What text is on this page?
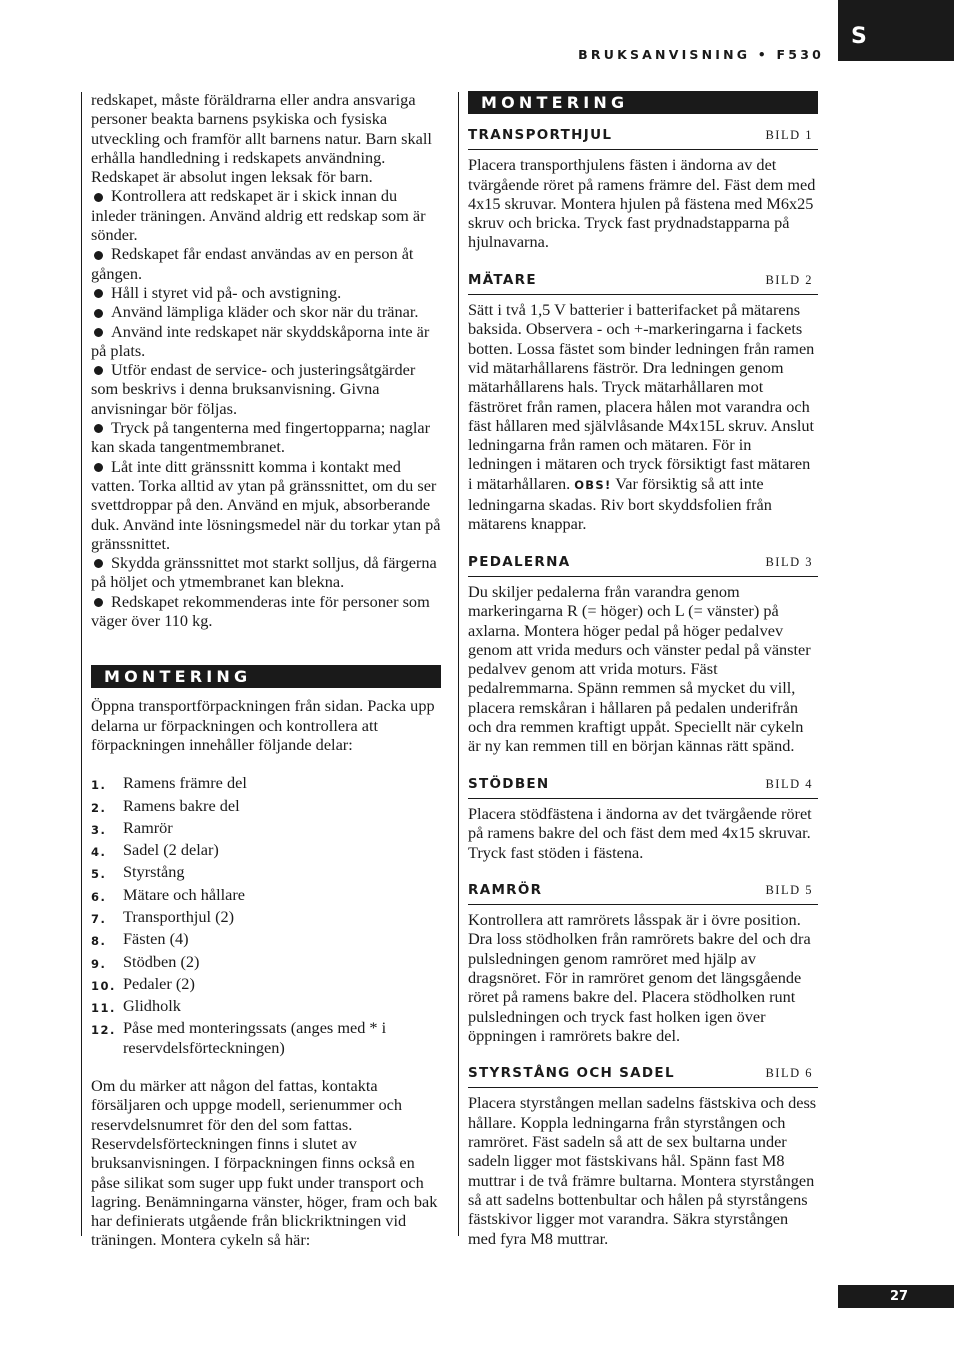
S
BRUKSANVISNING • F530

redskapet, måste föräldrarna eller andra ansvariga personer beakta barnens psykiska och fysiska utveckling och framför allt barnens natur. Barn skall erhålla handledning i redskapets användning. Redskapet är absolut ingen leksak för barn.

Kontrollera att redskapet är i skick innan du inleder träningen. Använd aldrig ett redskap som är sönder.

Redskapet får endast användas av en person åt gången.

Håll i styret vid på- och avstigning.

Använd lämpliga kläder och skor när du tränar.

Använd inte redskapet när skyddskåporna inte är på plats.

Utför endast de service- och justeringsåtgärder som beskrivs i denna bruksanvisning. Givna anvisningar bör följas.

Tryck på tangenterna med fingertopparna; naglar kan skada tangentmembranet.

Låt inte ditt gränssnitt komma i kontakt med vatten. Torka alltid av ytan på gränssnittet, om du ser svettdroppar på den. Använd en mjuk, absorberande duk. Använd inte lösningsmedel när du torkar ytan på gränssnittet.

Skydda gränssnittet mot starkt solljus, då färgerna på höljet och ytmembranet kan blekna.

Redskapet rekommenderas inte för personer som väger över 110 kg.

MONTERING

Öppna transportförpackningen från sidan. Packa upp delarna ur förpackningen och kontrollera att förpackningen innehåller följande delar:

1.	Ramens främre del
2.	Ramens bakre del
3.	Ramrör
4.	Sadel (2 delar)
5.	Styrstång
6.	Mätare och hållare
7.	Transporthjul (2)
8.	Fästen (4)
9.	Stödben (2)
10. Pedaler (2)
11. Glidholk
12. Påse med monteringssats (anges med * i reservdelsförteckningen)

Om du märker att någon del fattas, kontakta försäljaren och uppge modell, serienummer och reservdelsnumret för den del som fattas. Reservdelsförteckningen finns i slutet av bruksanvisningen. I förpackningen finns också en påse silikat som suger upp fukt under transport och lagring. Benämningarna vänster, höger, fram och bak har definierats utgående från blickriktningen vid träningen. Montera cykeln så här:

MONTERING
TRANSPORTHJUL	BILD 1

Placera transporthjulens fästen i ändorna av det tvärgående röret på ramens främre del. Fäst dem med 4x15 skruvar. Montera hjulen på fästena med M6x25 skruv och bricka. Tryck fast prydnadstapparna på hjulnavarna.

MÄTARE	BILD 2

Sätt i två 1,5 V batterier i batterifacket på mätarens baksida. Observera - och +-markeringarna i fackets botten. Lossa fästet som binder ledningen från ramen vid mätarhållarens fäströr. Dra ledningen genom mätarhållarens hals. Tryck mätarhållaren mot fäströret från ramen, placera hålen mot varandra och fäst hållaren med självlåsande M4x15L skruv. Anslut ledningarna från ramen och mätaren. För in ledningen i mätaren och tryck försiktigt fast mätaren i mätarhållaren. OBS! Var försiktig så att inte ledningarna skadas. Riv bort skyddsfolien från mätarens knappar.

PEDALERNA	BILD 3

Du skiljer pedalerna från varandra genom markeringarna R (= höger) och L (= vänster) på axlarna. Montera höger pedal på höger pedalvev genom att vrida medurs och vänster pedal på vänster pedalvev genom att vrida moturs. Fäst pedalremmarna. Spänn remmen så mycket du vill, placera remskåran i hållaren på pedalen underifrån och dra remmen kraftigt uppåt. Speciellt när cykeln är ny kan remmen till en början kännas rätt spänd.

STÖDBEN	BILD 4

Placera stödfästena i ändorna av det tvärgående röret på ramens bakre del och fäst dem med 4x15 skruvar. Tryck fast stöden i fästena.

RAMRÖR	BILD 5

Kontrollera att ramrörets låsspak är i övre position. Dra loss stödholken från ramrörets bakre del och dra pulsledningen genom ramröret med hjälp av dragsnöret. För in ramröret genom det längsgående röret på ramens bakre del. Placera stödholken runt pulsledningen och tryck fast holken igen över öppningen i ramrörets bakre del.

STYRSTÅNG OCH SADEL	BILD 6

Placera styrstången mellan sadelns fästskiva och dess hållare. Koppla ledningarna från styrstången och ramröret. Fäst sadeln så att de sex bultarna under sadeln ligger mot fästskivans hål. Spänn fast M8 muttrar i de två främre bultarna. Montera styrstången så att sadelns bottenbultar och hålen på styrstångens fästskivor ligger mot varandra. Säkra styrstången med fyra M8 muttrar.

27
